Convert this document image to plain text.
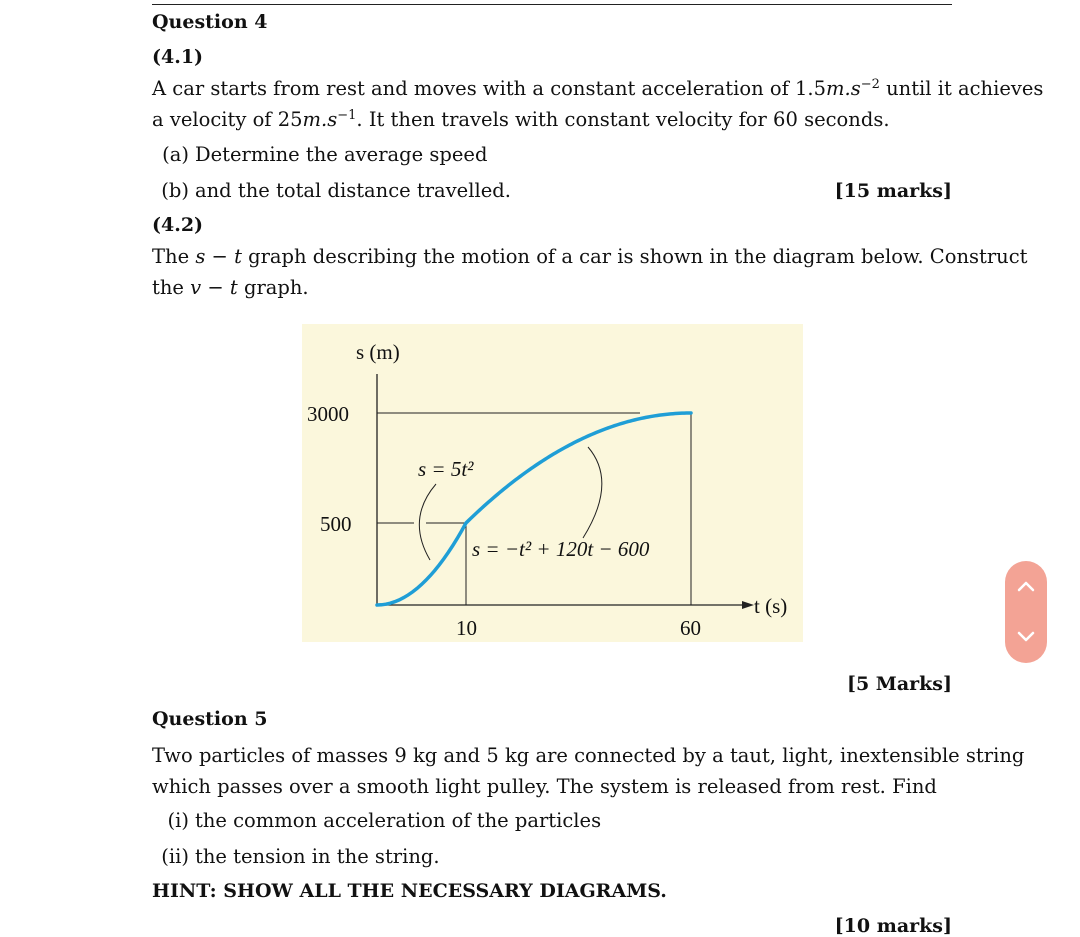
Question 4
(4.1)
A car starts from rest and moves with a constant acceleration of $1.5m.s^{-2}$ until it achieves
a velocity of $25m.s^{-1}$. It then travels with constant velocity for 60 seconds.
(a) Determine the average speed
(b) and the total distance travelled.	[15 marks]
(4.2)
The s − t graph describing the motion of a car is shown in the diagram below. Construct
the v − t graph.
s (m)
t (s)
3000
500
10	60
s = 5t²
s = −t² + 120t − 600
[5 Marks]
Question 5
Two particles of masses 9 kg and 5 kg are connected by a taut, light, inextensible string
which passes over a smooth light pulley. The system is released from rest. Find
(i) the common acceleration of the particles
(ii) the tension in the string.
HINT: SHOW ALL THE NECESSARY DIAGRAMS.
[10 marks]
